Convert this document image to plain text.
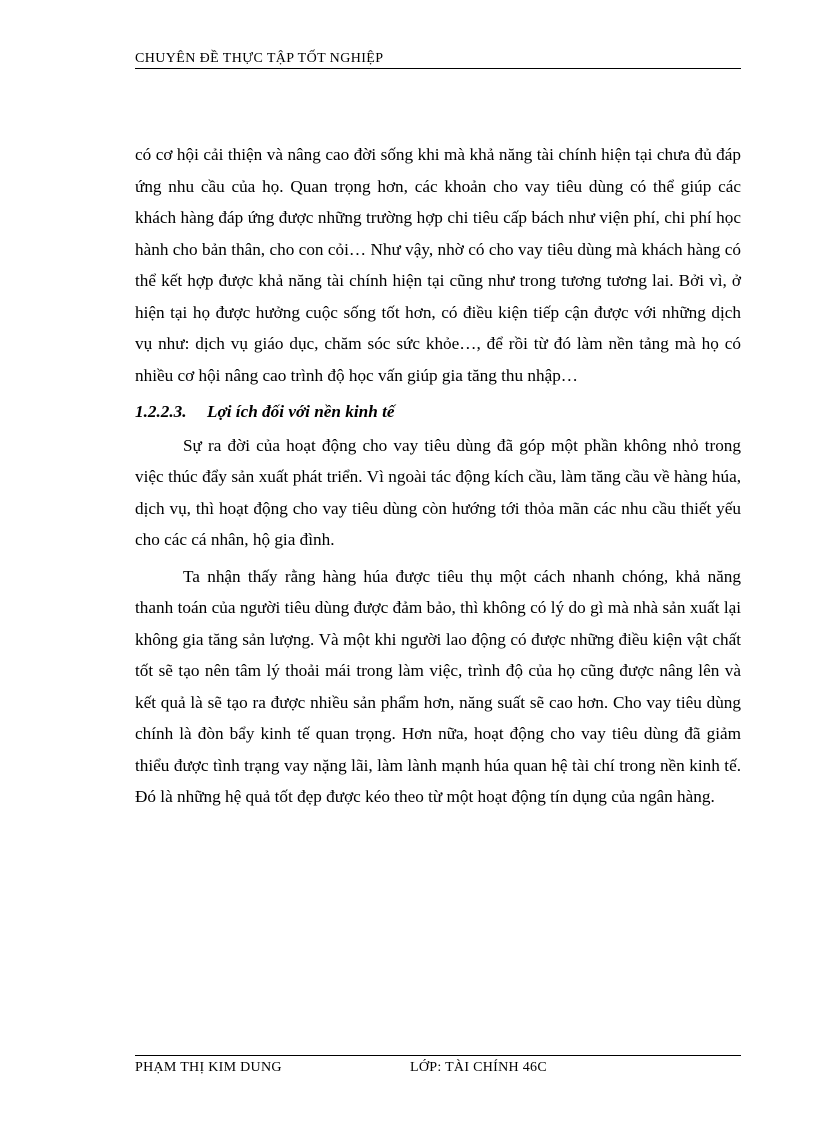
CHUYÊN ĐỀ THỰC TẬP TỐT NGHIỆP

có cơ hội cải thiện và nâng cao đời sống khi mà khả năng tài chính hiện tại chưa đủ đáp ứng nhu cầu của họ. Quan trọng hơn, các khoản cho vay tiêu dùng có thể giúp các khách hàng đáp ứng được những trường hợp chi tiêu cấp bách như viện phí, chi phí học hành cho bản thân, cho con cỏi… Như vậy, nhờ có cho vay tiêu dùng mà khách hàng có thể kết hợp được khả năng tài chính hiện tại cũng như trong tương tương lai. Bởi vì, ở hiện tại họ được hưởng cuộc sống tốt hơn, có điều kiện tiếp cận được với những dịch vụ như: dịch vụ giáo dục, chăm sóc sức khỏe…, để rồi từ đó làm nền tảng mà họ có nhiều cơ hội nâng cao trình độ học vấn giúp gia tăng thu nhập…

1.2.2.3.	Lợi ích đối với nền kinh tế

Sự ra đời của hoạt động cho vay tiêu dùng đã góp một phần không nhỏ trong việc thúc đẩy sản xuất phát triển. Vì ngoài tác động kích cầu, làm tăng cầu về hàng húa, dịch vụ, thì hoạt động cho vay tiêu dùng còn hướng tới thỏa mãn các nhu cầu thiết yếu cho các cá nhân, hộ gia đình.

Ta nhận thấy rằng hàng húa được tiêu thụ một cách nhanh chóng, khả năng thanh toán của người tiêu dùng được đảm bảo, thì không có lý do gì mà nhà sản xuất lại không gia tăng sản lượng. Và một khi người lao động có được những điều kiện vật chất tốt sẽ tạo nên tâm lý thoải mái trong làm việc, trình độ của họ cũng được nâng lên và kết quả là sẽ tạo ra được nhiều sản phẩm hơn, năng suất sẽ cao hơn. Cho vay tiêu dùng chính là đòn bẩy kinh tế quan trọng. Hơn nữa, hoạt động cho vay tiêu dùng đã giảm thiểu được tình trạng vay nặng lãi, làm lành mạnh húa quan hệ tài chí trong nền kinh tế. Đó là những hệ quả tốt đẹp được kéo theo từ một hoạt động tín dụng của ngân hàng.

PHẠM THỊ KIM DUNG	LỚP: TÀI CHÍNH 46C
